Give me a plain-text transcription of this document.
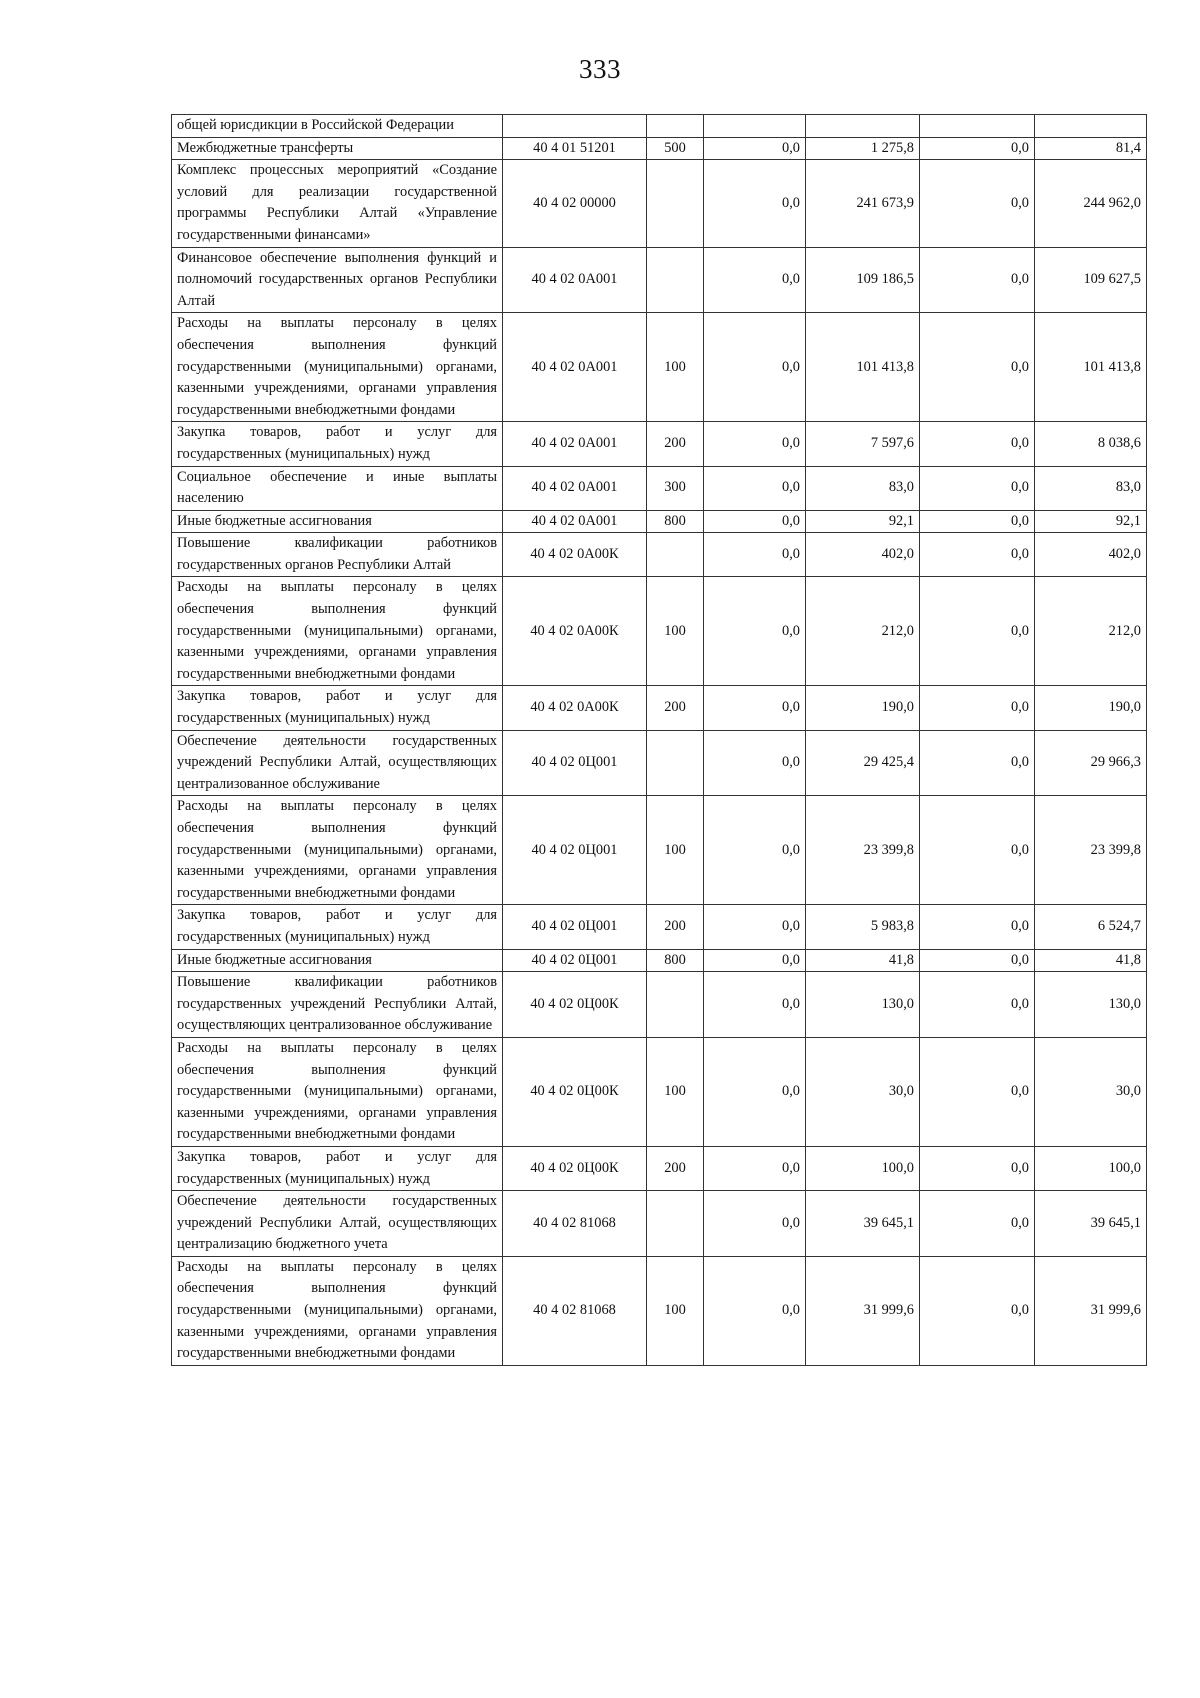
333
общей юрисдикции в Российской Федерации						
Межбюджетные трансферты	40 4 01 51201	500	0,0	1 275,8	0,0	81,4
Комплекс процессных мероприятий «Создание условий для реализации государственной программы Республики Алтай «Управление государственными финансами»	40 4 02 00000		0,0	241 673,9	0,0	244 962,0
Финансовое обеспечение выполнения функций и полномочий государственных органов Республики Алтай	40 4 02 0А001		0,0	109 186,5	0,0	109 627,5
Расходы на выплаты персоналу в целях обеспечения выполнения функций государственными (муниципальными) органами, казенными учреждениями, органами управления государственными внебюджетными фондами	40 4 02 0А001	100	0,0	101 413,8	0,0	101 413,8
Закупка товаров, работ и услуг для государственных (муниципальных) нужд	40 4 02 0А001	200	0,0	7 597,6	0,0	8 038,6
Социальное обеспечение и иные выплаты населению	40 4 02 0А001	300	0,0	83,0	0,0	83,0
Иные бюджетные ассигнования	40 4 02 0А001	800	0,0	92,1	0,0	92,1
Повышение квалификации работников государственных органов Республики Алтай	40 4 02 0А00К		0,0	402,0	0,0	402,0
Расходы на выплаты персоналу в целях обеспечения выполнения функций государственными (муниципальными) органами, казенными учреждениями, органами управления государственными внебюджетными фондами	40 4 02 0А00К	100	0,0	212,0	0,0	212,0
Закупка товаров, работ и услуг для государственных (муниципальных) нужд	40 4 02 0А00К	200	0,0	190,0	0,0	190,0
Обеспечение деятельности государственных учреждений Республики Алтай, осуществляющих централизованное обслуживание	40 4 02 0Ц001		0,0	29 425,4	0,0	29 966,3
Расходы на выплаты персоналу в целях обеспечения выполнения функций государственными (муниципальными) органами, казенными учреждениями, органами управления государственными внебюджетными фондами	40 4 02 0Ц001	100	0,0	23 399,8	0,0	23 399,8
Закупка товаров, работ и услуг для государственных (муниципальных) нужд	40 4 02 0Ц001	200	0,0	5 983,8	0,0	6 524,7
Иные бюджетные ассигнования	40 4 02 0Ц001	800	0,0	41,8	0,0	41,8
Повышение квалификации работников государственных учреждений Республики Алтай, осуществляющих централизованное обслуживание	40 4 02 0Ц00К		0,0	130,0	0,0	130,0
Расходы на выплаты персоналу в целях обеспечения выполнения функций государственными (муниципальными) органами, казенными учреждениями, органами управления государственными внебюджетными фондами	40 4 02 0Ц00К	100	0,0	30,0	0,0	30,0
Закупка товаров, работ и услуг для государственных (муниципальных) нужд	40 4 02 0Ц00К	200	0,0	100,0	0,0	100,0
Обеспечение деятельности государственных учреждений Республики Алтай, осуществляющих централизацию бюджетного учета	40 4 02 81068		0,0	39 645,1	0,0	39 645,1
Расходы на выплаты персоналу в целях обеспечения выполнения функций государственными (муниципальными) органами, казенными учреждениями, органами управления государственными внебюджетными фондами	40 4 02 81068	100	0,0	31 999,6	0,0	31 999,6
